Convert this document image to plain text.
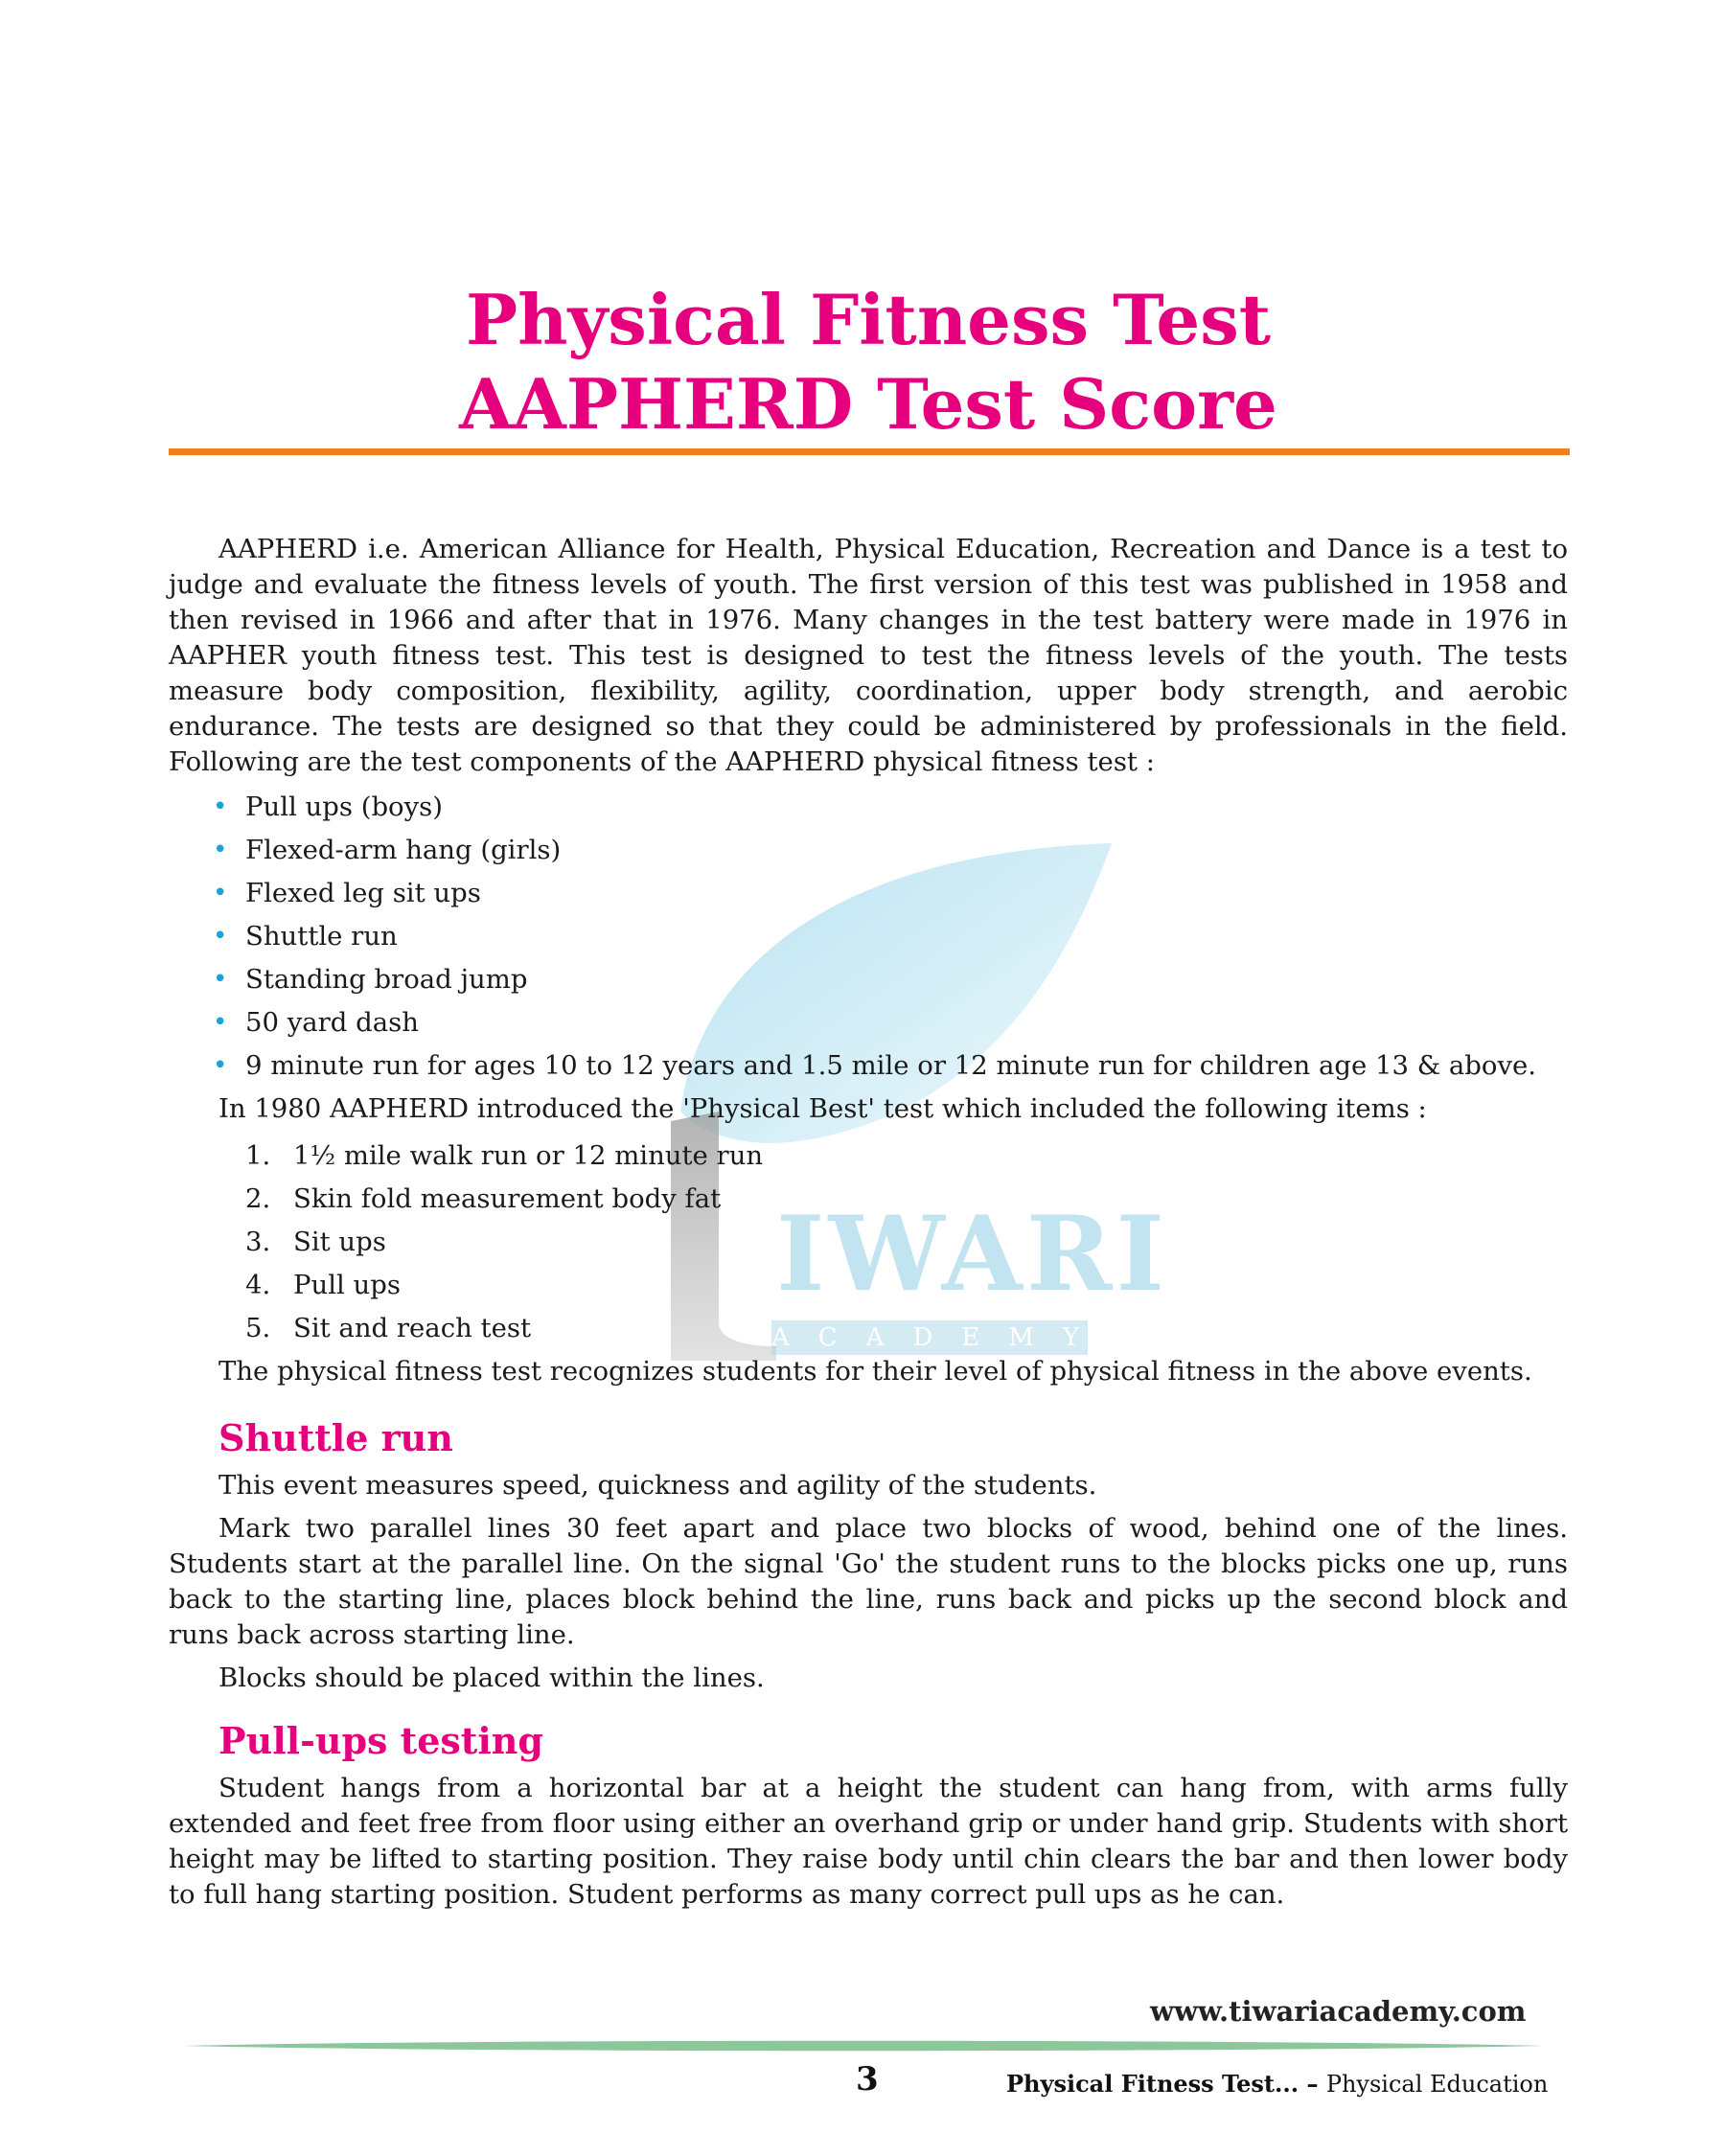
IWARI
ACADEMY
Physical Fitness Test
AAPHERD Test Score

AAPHERD i.e. American Alliance for Health, Physical Education, Recreation and Dance is a test to judge and evaluate the fitness levels of youth. The first version of this test was published in 1958 and then revised in 1966 and after that in 1976. Many changes in the test battery were made in 1976 in AAPHER youth fitness test. This test is designed to test the fitness levels of the youth. The tests measure body composition, flexibility, agility, coordination, upper body strength, and aerobic endurance. The tests are designed so that they could be administered by professionals in the field. Following are the test components of the AAPHERD physical fitness test :

• Pull ups (boys)
• Flexed-arm hang (girls)
• Flexed leg sit ups
• Shuttle run
• Standing broad jump
• 50 yard dash
• 9 minute run for ages 10 to 12 years and 1.5 mile or 12 minute run for children age 13 & above.

In 1980 AAPHERD introduced the 'Physical Best' test which included the following items :

1. 1½ mile walk run or 12 minute run
2. Skin fold measurement body fat
3. Sit ups
4. Pull ups
5. Sit and reach test

The physical fitness test recognizes students for their level of physical fitness in the above events.

Shuttle run

This event measures speed, quickness and agility of the students.

Mark two parallel lines 30 feet apart and place two blocks of wood, behind one of the lines. Students start at the parallel line. On the signal 'Go' the student runs to the blocks picks one up, runs back to the starting line, places block behind the line, runs back and picks up the second block and runs back across starting line.

Blocks should be placed within the lines.

Pull-ups testing

Student hangs from a horizontal bar at a height the student can hang from, with arms fully extended and feet free from floor using either an overhand grip or under hand grip. Students with short height may be lifted to starting position. They raise body until chin clears the bar and then lower body to full hang starting position. Student performs as many correct pull ups as he can.

www.tiwariacademy.com
3	Physical Fitness Test... – Physical Education
